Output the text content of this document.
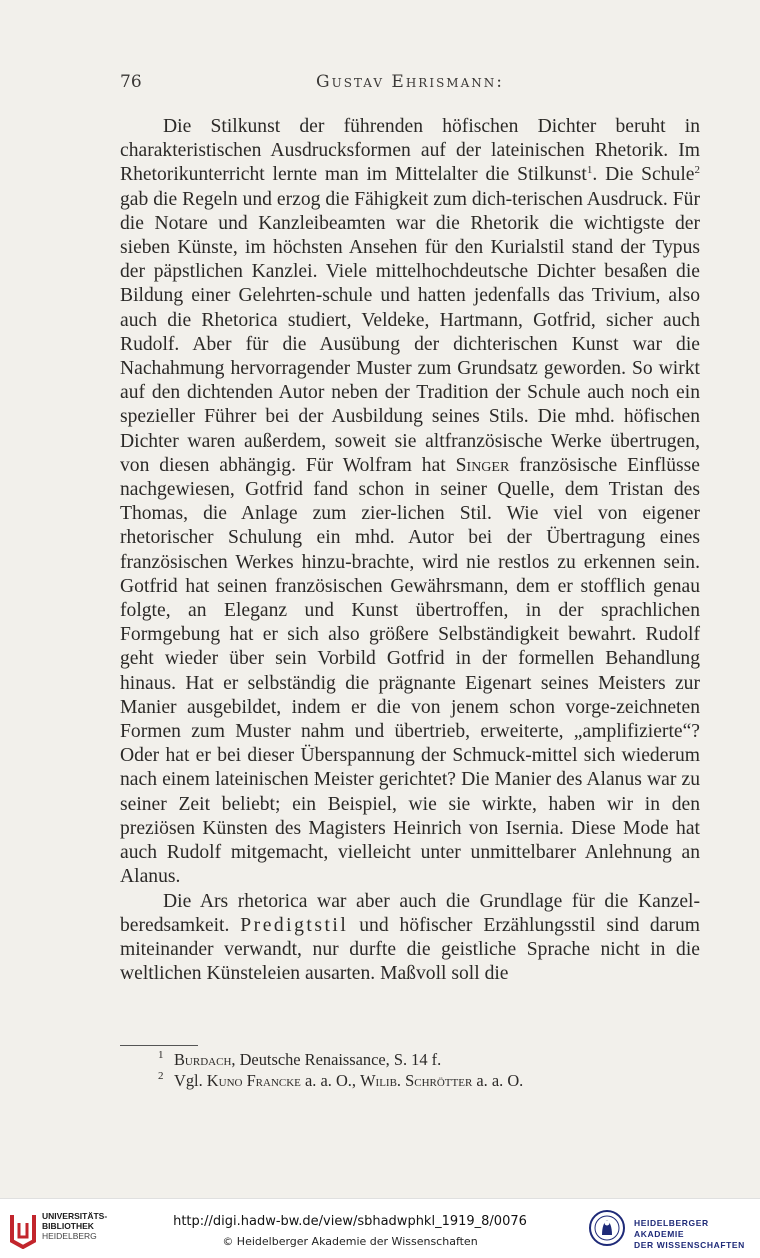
76	Gustav Ehrismann:

Die Stilkunst der führenden höfischen Dichter beruht in charakteristischen Ausdrucksformen auf der lateinischen Rhetorik. Im Rhetorikunterricht lernte man im Mittelalter die Stilkunst$^1$. Die Schule$^2$ gab die Regeln und erzog die Fähigkeit zum dich-terischen Ausdruck. Für die Notare und Kanzleibeamten war die Rhetorik die wichtigste der sieben Künste, im höchsten Ansehen für den Kurialstil stand der Typus der päpstlichen Kanzlei. Viele mittelhochdeutsche Dichter besaßen die Bildung einer Gelehrten-schule und hatten jedenfalls das Trivium, also auch die Rhetorica studiert, Veldeke, Hartmann, Gotfrid, sicher auch Rudolf. Aber für die Ausübung der dichterischen Kunst war die Nachahmung hervorragender Muster zum Grundsatz geworden. So wirkt auf den dichtenden Autor neben der Tradition der Schule auch noch ein spezieller Führer bei der Ausbildung seines Stils. Die mhd. höfischen Dichter waren außerdem, soweit sie altfranzösische Werke übertrugen, von diesen abhängig. Für Wolfram hat Singer französische Einflüsse nachgewiesen, Gotfrid fand schon in seiner Quelle, dem Tristan des Thomas, die Anlage zum zier-lichen Stil. Wie viel von eigener rhetorischer Schulung ein mhd. Autor bei der Übertragung eines französischen Werkes hinzu-brachte, wird nie restlos zu erkennen sein. Gotfrid hat seinen französischen Gewährsmann, dem er stofflich genau folgte, an Eleganz und Kunst übertroffen, in der sprachlichen Formgebung hat er sich also größere Selbständigkeit bewahrt. Rudolf geht wieder über sein Vorbild Gotfrid in der formellen Behandlung hinaus. Hat er selbständig die prägnante Eigenart seines Meisters zur Manier ausgebildet, indem er die von jenem schon vorge-zeichneten Formen zum Muster nahm und übertrieb, erweiterte, „amplifizierte“? Oder hat er bei dieser Überspannung der Schmuck-mittel sich wiederum nach einem lateinischen Meister gerichtet? Die Manier des Alanus war zu seiner Zeit beliebt; ein Beispiel, wie sie wirkte, haben wir in den preziösen Künsten des Magisters Heinrich von Isernia. Diese Mode hat auch Rudolf mitgemacht, vielleicht unter unmittelbarer Anlehnung an Alanus.

Die Ars rhetorica war aber auch die Grundlage für die Kanzel-beredsamkeit. Predigtstil und höfischer Erzählungsstil sind darum miteinander verwandt, nur durfte die geistliche Sprache nicht in die weltlichen Künsteleien ausarten. Maßvoll soll die

1 Burdach, Deutsche Renaissance, S. 14 f.
2 Vgl. Kuno Francke a. a. O., Wilib. Schrötter a. a. O.
UNIVERSITÄTS-
BIBLIOTHEK
HEIDELBERG
http://digi.hadw-bw.de/view/sbhadwphkl_1919_8/0076
© Heidelberger Akademie der Wissenschaften
HEIDELBERGER AKADEMIE
DER WISSENSCHAFTEN
